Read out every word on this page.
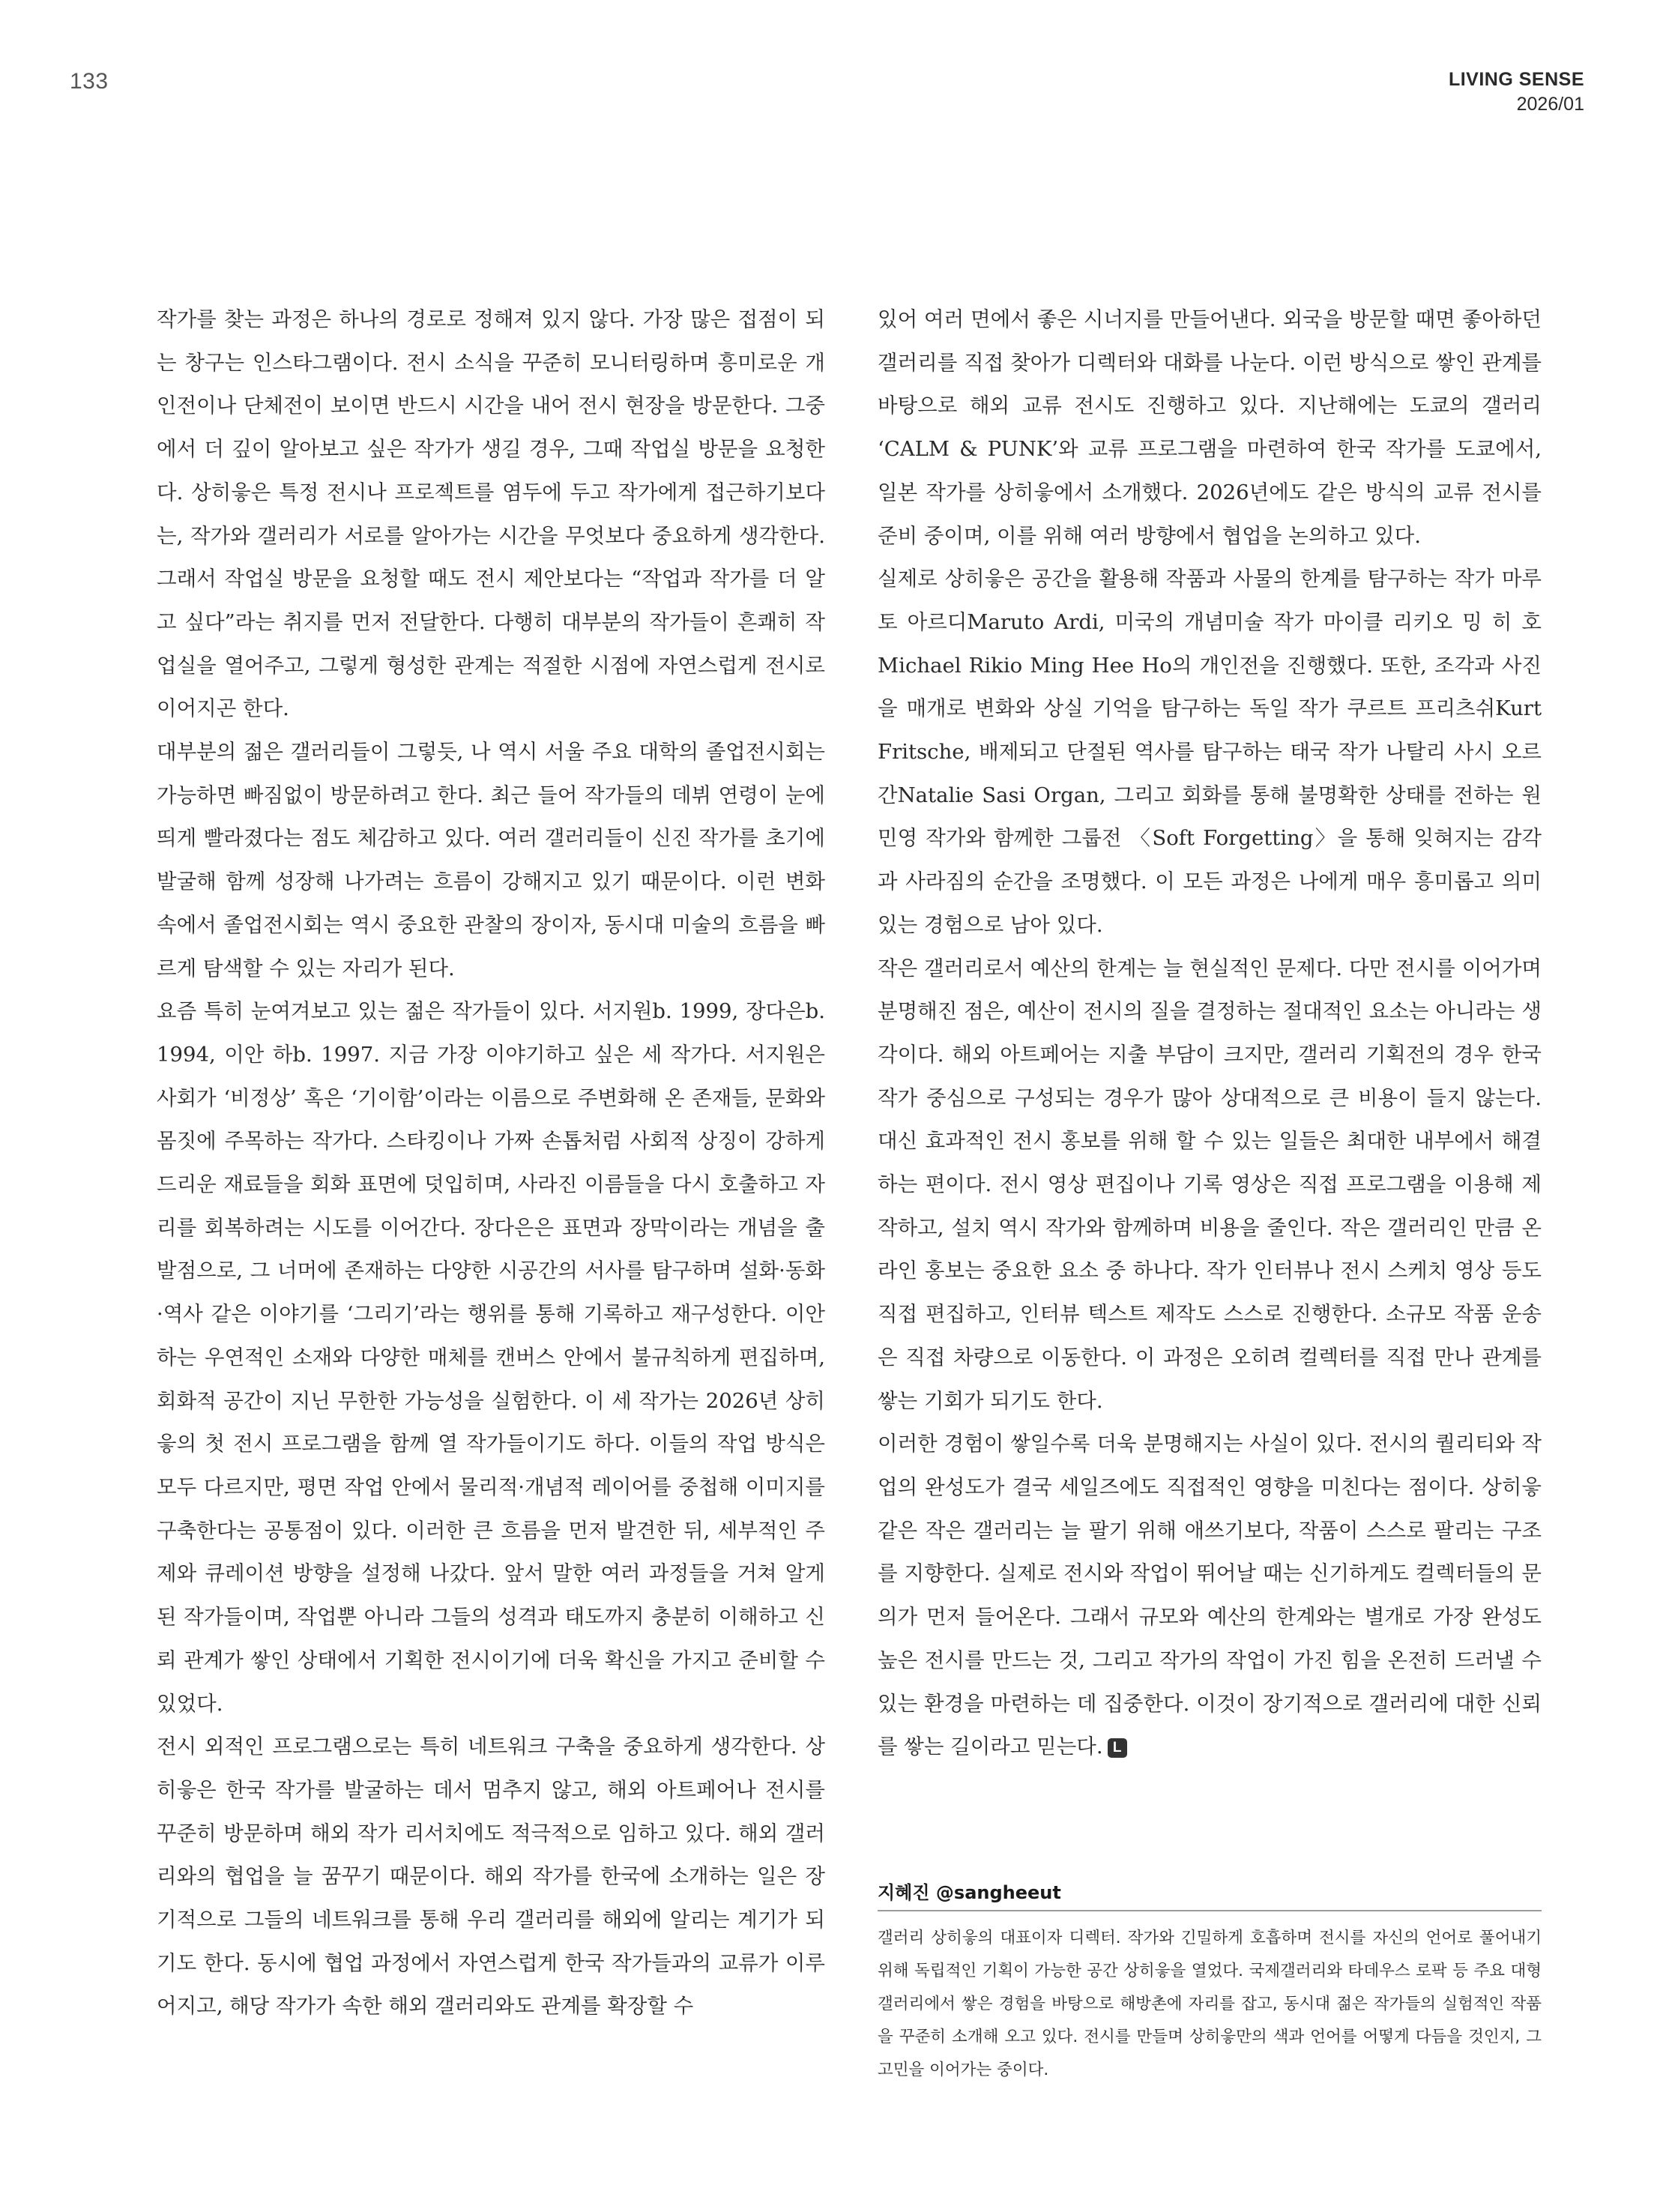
133	LIVING SENSE
2026/01

작가를 찾는 과정은 하나의 경로로 정해져 있지 않다. 가장 많은 접점이 되는 창구는 인스타그램이다. 전시 소식을 꾸준히 모니터링하며 흥미로운 개인전이나 단체전이 보이면 반드시 시간을 내어 전시 현장을 방문한다. 그중에서 더 깊이 알아보고 싶은 작가가 생길 경우, 그때 작업실 방문을 요청한다. 상히읗은 특정 전시나 프로젝트를 염두에 두고 작가에게 접근하기보다는, 작가와 갤러리가 서로를 알아가는 시간을 무엇보다 중요하게 생각한다. 그래서 작업실 방문을 요청할 때도 전시 제안보다는 “작업과 작가를 더 알고 싶다”라는 취지를 먼저 전달한다. 다행히 대부분의 작가들이 흔쾌히 작업실을 열어주고, 그렇게 형성한 관계는 적절한 시점에 자연스럽게 전시로 이어지곤 한다.

대부분의 젊은 갤러리들이 그렇듯, 나 역시 서울 주요 대학의 졸업전시회는 가능하면 빠짐없이 방문하려고 한다. 최근 들어 작가들의 데뷔 연령이 눈에 띄게 빨라졌다는 점도 체감하고 있다. 여러 갤러리들이 신진 작가를 초기에 발굴해 함께 성장해 나가려는 흐름이 강해지고 있기 때문이다. 이런 변화 속에서 졸업전시회는 역시 중요한 관찰의 장이자, 동시대 미술의 흐름을 빠르게 탐색할 수 있는 자리가 된다.

요즘 특히 눈여겨보고 있는 젊은 작가들이 있다. 서지원b. 1999, 장다은b. 1994, 이안 하b. 1997. 지금 가장 이야기하고 싶은 세 작가다. 서지원은 사회가 ‘비정상’ 혹은 ‘기이함’이라는 이름으로 주변화해 온 존재들, 문화와 몸짓에 주목하는 작가다. 스타킹이나 가짜 손톱처럼 사회적 상징이 강하게 드리운 재료들을 회화 표면에 덧입히며, 사라진 이름들을 다시 호출하고 자리를 회복하려는 시도를 이어간다. 장다은은 표면과 장막이라는 개념을 출발점으로, 그 너머에 존재하는 다양한 시공간의 서사를 탐구하며 설화·동화·역사 같은 이야기를 ‘그리기’라는 행위를 통해 기록하고 재구성한다. 이안 하는 우연적인 소재와 다양한 매체를 캔버스 안에서 불규칙하게 편집하며, 회화적 공간이 지닌 무한한 가능성을 실험한다. 이 세 작가는 2026년 상히읗의 첫 전시 프로그램을 함께 열 작가들이기도 하다. 이들의 작업 방식은 모두 다르지만, 평면 작업 안에서 물리적·개념적 레이어를 중첩해 이미지를 구축한다는 공통점이 있다. 이러한 큰 흐름을 먼저 발견한 뒤, 세부적인 주제와 큐레이션 방향을 설정해 나갔다. 앞서 말한 여러 과정들을 거쳐 알게 된 작가들이며, 작업뿐 아니라 그들의 성격과 태도까지 충분히 이해하고 신뢰 관계가 쌓인 상태에서 기획한 전시이기에 더욱 확신을 가지고 준비할 수 있었다.

전시 외적인 프로그램으로는 특히 네트워크 구축을 중요하게 생각한다. 상히읗은 한국 작가를 발굴하는 데서 멈추지 않고, 해외 아트페어나 전시를 꾸준히 방문하며 해외 작가 리서치에도 적극적으로 임하고 있다. 해외 갤러리와의 협업을 늘 꿈꾸기 때문이다. 해외 작가를 한국에 소개하는 일은 장기적으로 그들의 네트워크를 통해 우리 갤러리를 해외에 알리는 계기가 되기도 한다. 동시에 협업 과정에서 자연스럽게 한국 작가들과의 교류가 이루어지고, 해당 작가가 속한 해외 갤러리와도 관계를 확장할 수

있어 여러 면에서 좋은 시너지를 만들어낸다. 외국을 방문할 때면 좋아하던 갤러리를 직접 찾아가 디렉터와 대화를 나눈다. 이런 방식으로 쌓인 관계를 바탕으로 해외 교류 전시도 진행하고 있다. 지난해에는 도쿄의 갤러리 ‘CALM & PUNK’와 교류 프로그램을 마련하여 한국 작가를 도쿄에서, 일본 작가를 상히읗에서 소개했다. 2026년에도 같은 방식의 교류 전시를 준비 중이며, 이를 위해 여러 방향에서 협업을 논의하고 있다.

실제로 상히읗은 공간을 활용해 작품과 사물의 한계를 탐구하는 작가 마루토 아르디Maruto Ardi, 미국의 개념미술 작가 마이클 리키오 밍 히 호Michael Rikio Ming Hee Ho의 개인전을 진행했다. 또한, 조각과 사진을 매개로 변화와 상실 기억을 탐구하는 독일 작가 쿠르트 프리츠쉬Kurt Fritsche, 배제되고 단절된 역사를 탐구하는 태국 작가 나탈리 사시 오르간Natalie Sasi Organ, 그리고 회화를 통해 불명확한 상태를 전하는 원민영 작가와 함께한 그룹전 〈Soft Forgetting〉을 통해 잊혀지는 감각과 사라짐의 순간을 조명했다. 이 모든 과정은 나에게 매우 흥미롭고 의미 있는 경험으로 남아 있다.

작은 갤러리로서 예산의 한계는 늘 현실적인 문제다. 다만 전시를 이어가며 분명해진 점은, 예산이 전시의 질을 결정하는 절대적인 요소는 아니라는 생각이다. 해외 아트페어는 지출 부담이 크지만, 갤러리 기획전의 경우 한국 작가 중심으로 구성되는 경우가 많아 상대적으로 큰 비용이 들지 않는다. 대신 효과적인 전시 홍보를 위해 할 수 있는 일들은 최대한 내부에서 해결하는 편이다. 전시 영상 편집이나 기록 영상은 직접 프로그램을 이용해 제작하고, 설치 역시 작가와 함께하며 비용을 줄인다. 작은 갤러리인 만큼 온라인 홍보는 중요한 요소 중 하나다. 작가 인터뷰나 전시 스케치 영상 등도 직접 편집하고, 인터뷰 텍스트 제작도 스스로 진행한다. 소규모 작품 운송은 직접 차량으로 이동한다. 이 과정은 오히려 컬렉터를 직접 만나 관계를 쌓는 기회가 되기도 한다.

이러한 경험이 쌓일수록 더욱 분명해지는 사실이 있다. 전시의 퀄리티와 작업의 완성도가 결국 세일즈에도 직접적인 영향을 미친다는 점이다. 상히읗 같은 작은 갤러리는 늘 팔기 위해 애쓰기보다, 작품이 스스로 팔리는 구조를 지향한다. 실제로 전시와 작업이 뛰어날 때는 신기하게도 컬렉터들의 문의가 먼저 들어온다. 그래서 규모와 예산의 한계와는 별개로 가장 완성도 높은 전시를 만드는 것, 그리고 작가의 작업이 가진 힘을 온전히 드러낼 수 있는 환경을 마련하는 데 집중한다. 이것이 장기적으로 갤러리에 대한 신뢰를 쌓는 길이라고 믿는다. L

지혜진 @sangheeut
갤러리 상히읗의 대표이자 디렉터. 작가와 긴밀하게 호흡하며 전시를 자신의 언어로 풀어내기 위해 독립적인 기획이 가능한 공간 상히읗을 열었다. 국제갤러리와 타데우스 로팍 등 주요 대형 갤러리에서 쌓은 경험을 바탕으로 해방촌에 자리를 잡고, 동시대 젊은 작가들의 실험적인 작품을 꾸준히 소개해 오고 있다. 전시를 만들며 상히읗만의 색과 언어를 어떻게 다듬을 것인지, 그 고민을 이어가는 중이다.
